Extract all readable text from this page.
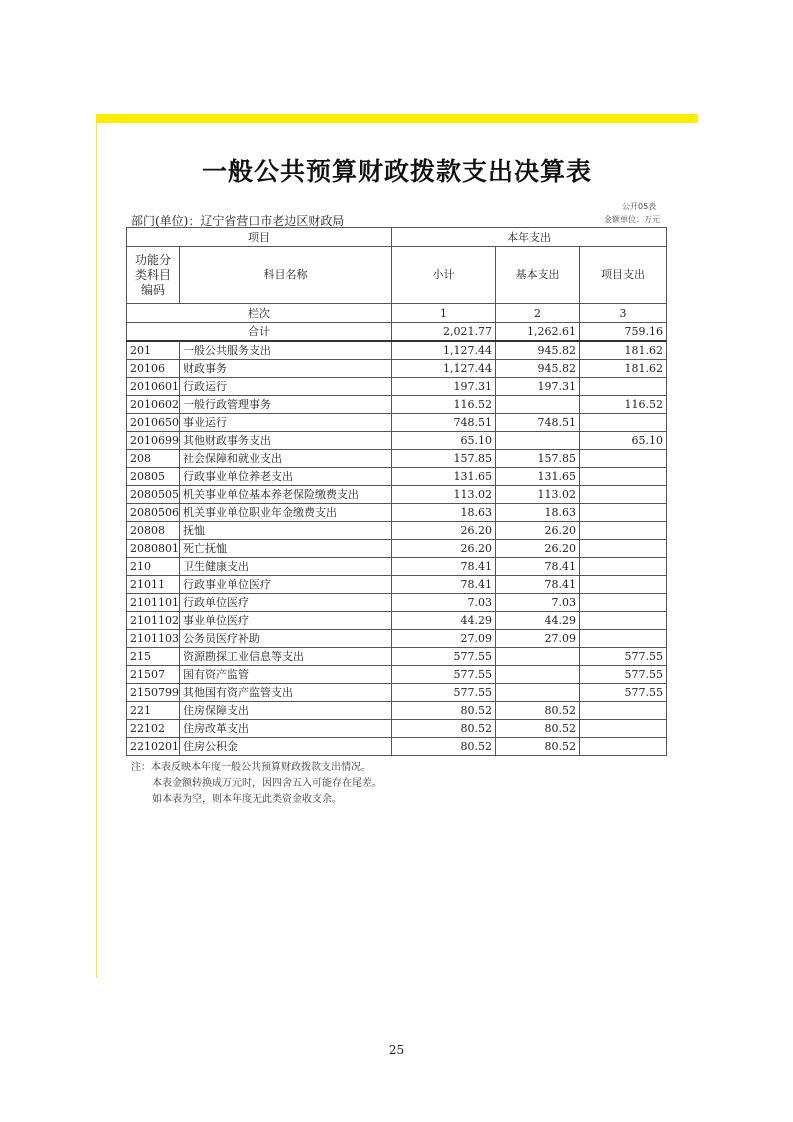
一般公共预算财政拨款支出决算表
公开05表
金额单位：万元
部门(单位)：辽宁省营口市老边区财政局
项目		本年支出		
功能分类科目编码	科目名称	小计	基本支出	项目支出
栏次		1	2	3
合计		2,021.77	1,262.61	759.16
201	一般公共服务支出	1,127.44	945.82	181.62
20106	财政事务	1,127.44	945.82	181.62
2010601	行政运行	197.31	197.31	
2010602	一般行政管理事务	116.52		116.52
2010650	事业运行	748.51	748.51	
2010699	其他财政事务支出	65.10		65.10
208	社会保障和就业支出	157.85	157.85	
20805	行政事业单位养老支出	131.65	131.65	
2080505	机关事业单位基本养老保险缴费支出	113.02	113.02	
2080506	机关事业单位职业年金缴费支出	18.63	18.63	
20808	抚恤	26.20	26.20	
2080801	死亡抚恤	26.20	26.20	
210	卫生健康支出	78.41	78.41	
21011	行政事业单位医疗	78.41	78.41	
2101101	行政单位医疗	7.03	7.03	
2101102	事业单位医疗	44.29	44.29	
2101103	公务员医疗补助	27.09	27.09	
215	资源勘探工业信息等支出	577.55		577.55
21507	国有资产监管	577.55		577.55
2150799	其他国有资产监管支出	577.55		577.55
221	住房保障支出	80.52	80.52	
22102	住房改革支出	80.52	80.52	
2210201	住房公积金	80.52	80.52	
注：本表反映本年度一般公共预算财政拨款支出情况。
本表金额转换成万元时，因四舍五入可能存在尾差。
如本表为空，则本年度无此类资金收支余。
25
